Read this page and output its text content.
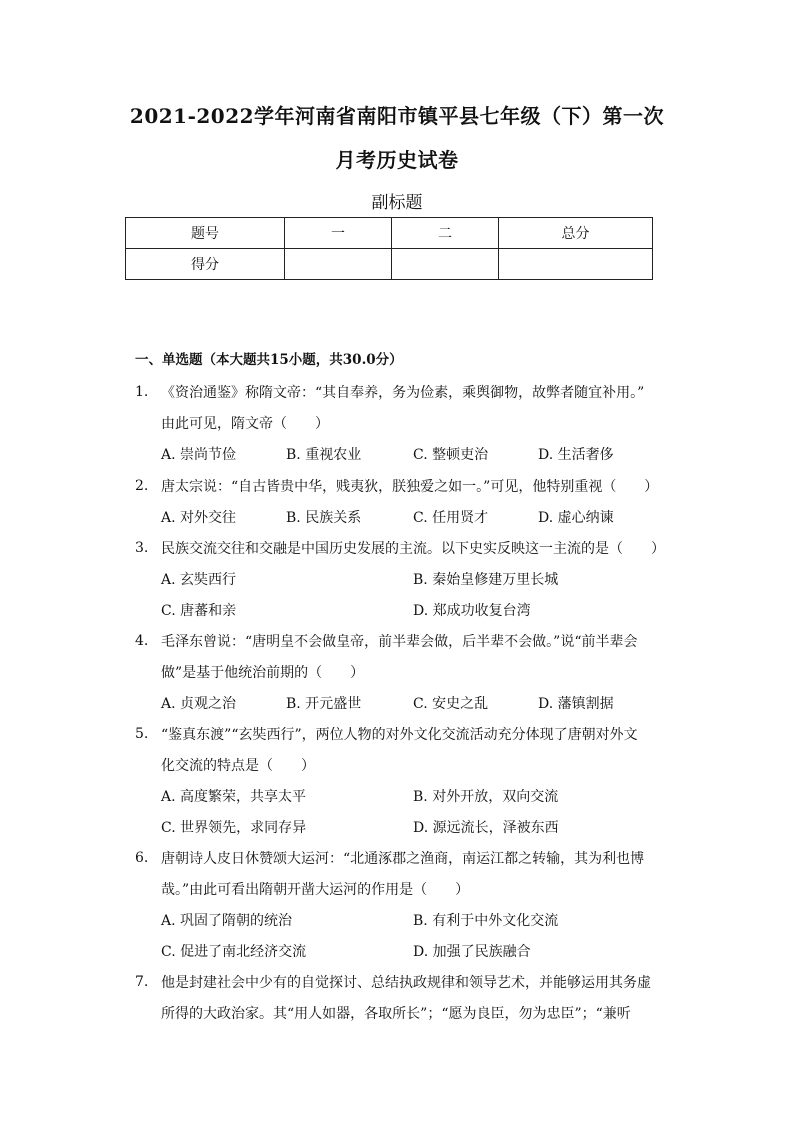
2021-2022学年河南省南阳市镇平县七年级（下）第一次
月考历史试卷
副标题
题号	一	二	总分
得分			
一、单选题（本大题共15小题，共30.0分）
1. 《资治通鉴》称隋文帝：“其自奉养，务为俭素，乘舆御物，故弊者随宜补用。”
由此可见，隋文帝（　　）
A. 崇尚节俭	B. 重视农业	C. 整顿吏治	D. 生活奢侈
2. 唐太宗说：“自古皆贵中华，贱夷狄，朕独爱之如一。”可见，他特别重视（　　）
A. 对外交往	B. 民族关系	C. 任用贤才	D. 虚心纳谏
3. 民族交流交往和交融是中国历史发展的主流。以下史实反映这一主流的是（　　）
A. 玄奘西行	B. 秦始皇修建万里长城
C. 唐蕃和亲	D. 郑成功收复台湾
4. 毛泽东曾说：“唐明皇不会做皇帝，前半辈会做，后半辈不会做。”说“前半辈会
做”是基于他统治前期的（　　）
A. 贞观之治	B. 开元盛世	C. 安史之乱	D. 藩镇割据
5. “鉴真东渡”“玄奘西行”，两位人物的对外文化交流活动充分体现了唐朝对外文
化交流的特点是（　　）
A. 高度繁荣，共享太平	B. 对外开放，双向交流
C. 世界领先，求同存异	D. 源远流长，泽被东西
6. 唐朝诗人皮日休赞颂大运河：“北通涿郡之渔商，南运江都之转输，其为利也博
哉。”由此可看出隋朝开凿大运河的作用是（　　）
A. 巩固了隋朝的统治	B. 有利于中外文化交流
C. 促进了南北经济交流	D. 加强了民族融合
7. 他是封建社会中少有的自觉探讨、总结执政规律和领导艺术，并能够运用其务虚
所得的大政治家。其“用人如器，各取所长”；“愿为良臣，勿为忠臣”；“兼听
